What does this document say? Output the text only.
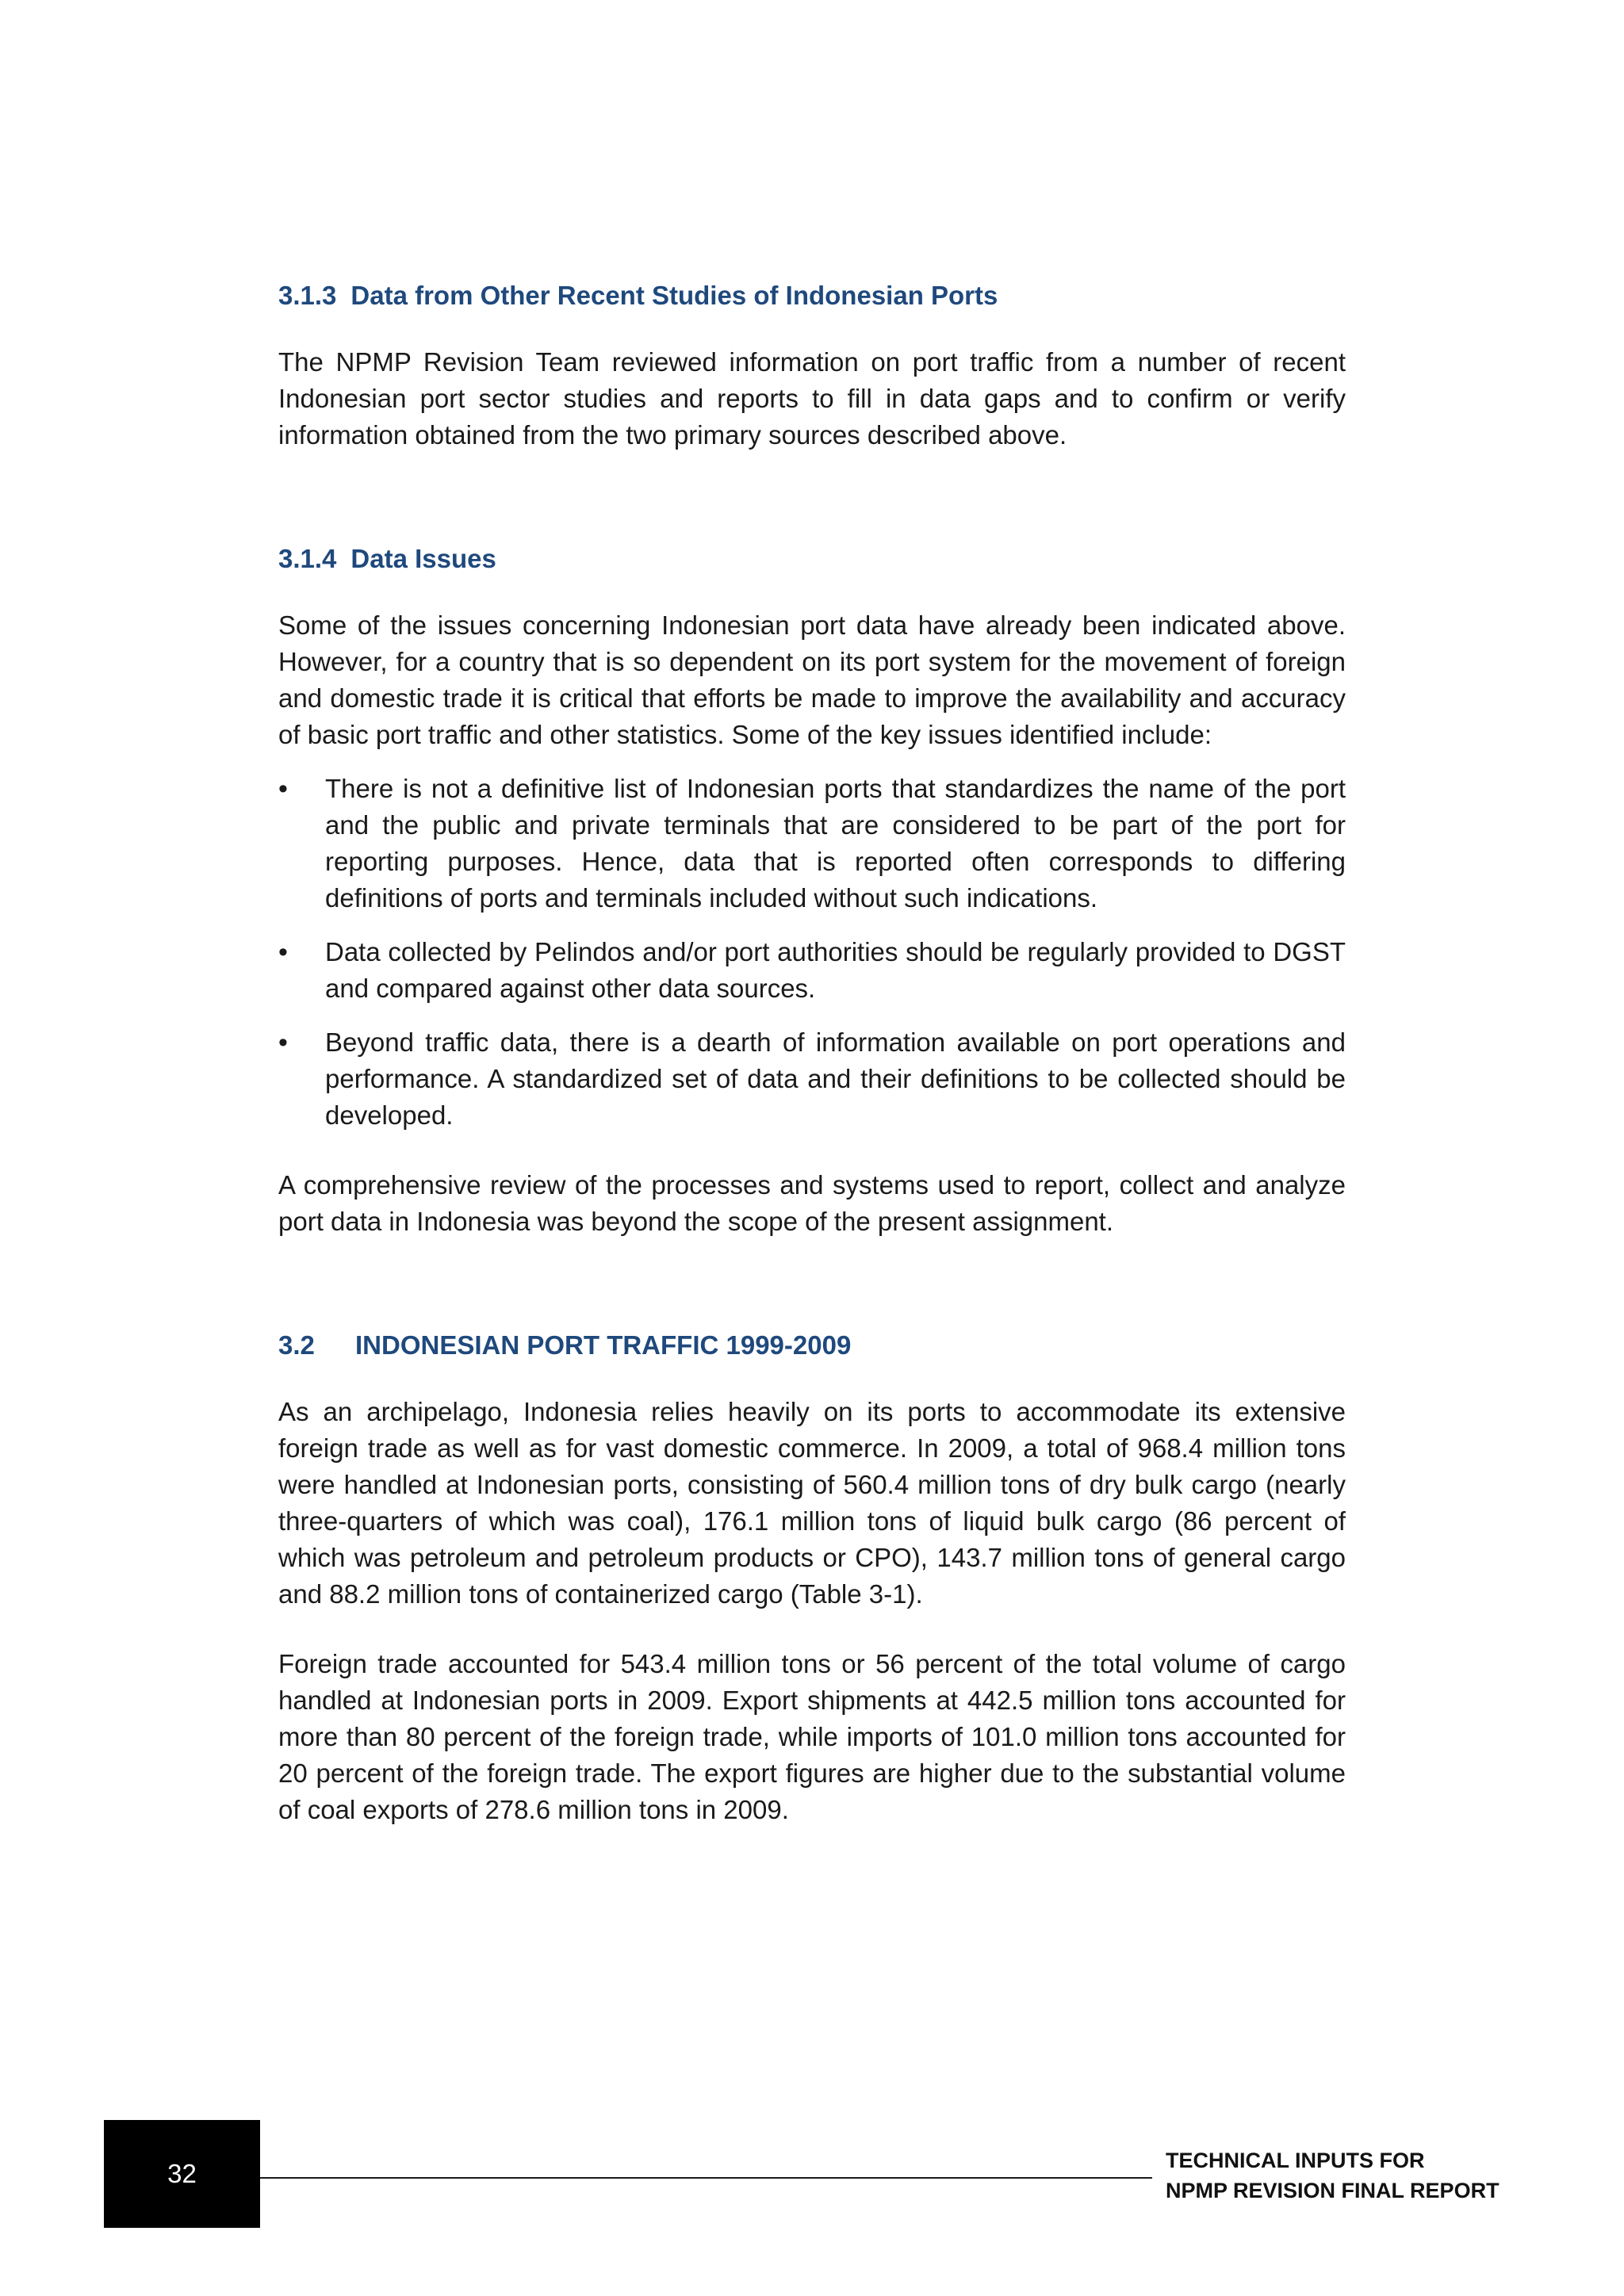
3.1.3 Data from Other Recent Studies of Indonesian Ports

The NPMP Revision Team reviewed information on port traffic from a number of recent Indonesian port sector studies and reports to fill in data gaps and to confirm or verify information obtained from the two primary sources described above.

3.1.4 Data Issues

Some of the issues concerning Indonesian port data have already been indicated above. However, for a country that is so dependent on its port system for the movement of foreign and domestic trade it is critical that efforts be made to improve the availability and accuracy of basic port traffic and other statistics. Some of the key issues identified include:

• There is not a definitive list of Indonesian ports that standardizes the name of the port and the public and private terminals that are considered to be part of the port for reporting purposes. Hence, data that is reported often corresponds to differing definitions of ports and terminals included without such indications.
• Data collected by Pelindos and/or port authorities should be regularly provided to DGST and compared against other data sources.
• Beyond traffic data, there is a dearth of information available on port operations and performance. A standardized set of data and their definitions to be collected should be developed.

A comprehensive review of the processes and systems used to report, collect and analyze port data in Indonesia was beyond the scope of the present assignment.

3.2 INDONESIAN PORT TRAFFIC 1999-2009

As an archipelago, Indonesia relies heavily on its ports to accommodate its extensive foreign trade as well as for vast domestic commerce. In 2009, a total of 968.4 million tons were handled at Indonesian ports, consisting of 560.4 million tons of dry bulk cargo (nearly three-quarters of which was coal), 176.1 million tons of liquid bulk cargo (86 percent of which was petroleum and petroleum products or CPO), 143.7 million tons of general cargo and 88.2 million tons of containerized cargo (Table 3-1).

Foreign trade accounted for 543.4 million tons or 56 percent of the total volume of cargo handled at Indonesian ports in 2009. Export shipments at 442.5 million tons accounted for more than 80 percent of the foreign trade, while imports of 101.0 million tons accounted for 20 percent of the foreign trade. The export figures are higher due to the substantial volume of coal exports of 278.6 million tons in 2009.

32	TECHNICAL INPUTS FOR
NPMP REVISION FINAL REPORT
